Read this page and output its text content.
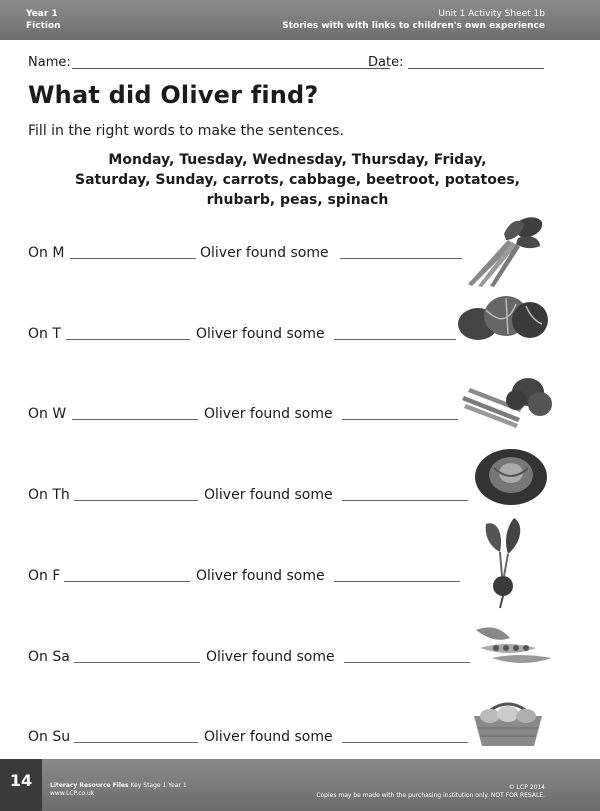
Year 1
Fiction
Unit 1 Activity Sheet 1b
Stories with with links to children's own experience
Name:	Date:
What did Oliver find?
Fill in the right words to make the sentences.
Monday, Tuesday, Wednesday, Thursday, Friday,
Saturday, Sunday, carrots, cabbage, beetroot, potatoes,
rhubarb, peas, spinach
On M	Oliver found some
On T	Oliver found some
On W	Oliver found some
On Th	Oliver found some
On F	Oliver found some
On Sa	Oliver found some
On Su	Oliver found some
14	Literacy Resource Files Key Stage 1 Year 1
www.LCP.co.uk
© LCP 2014
Copies may be made with the purchasing institution only. NOT FOR RESALE.
